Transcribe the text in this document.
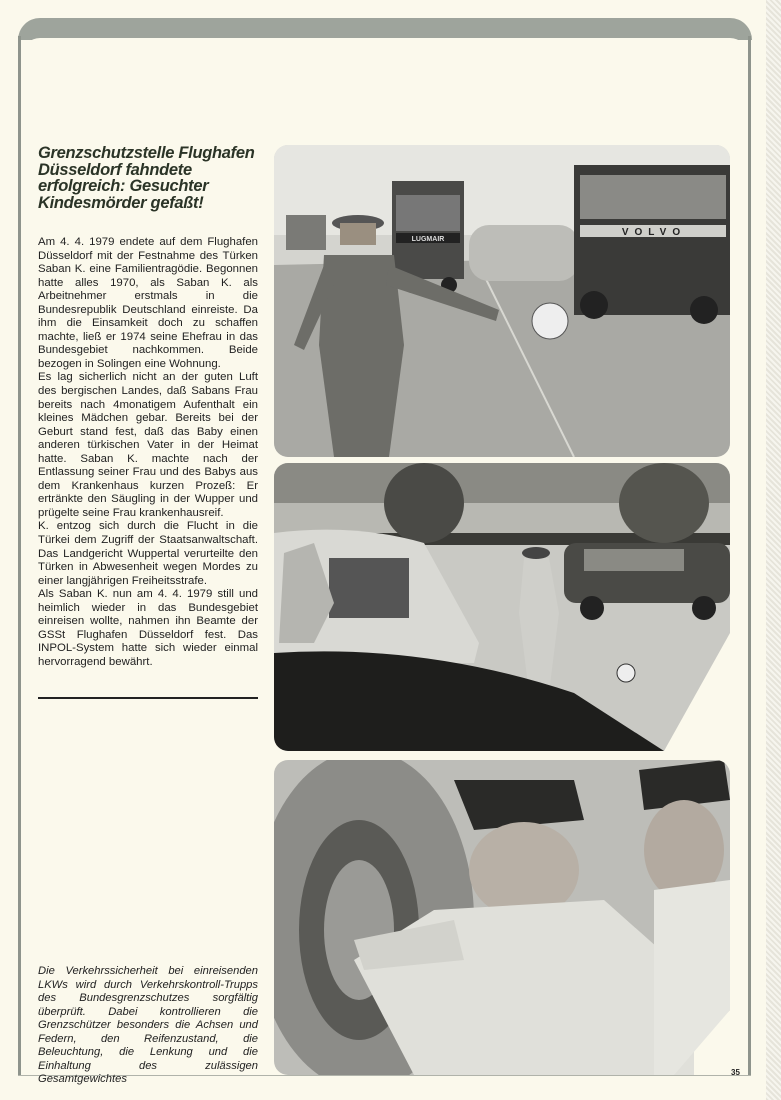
Grenzschutzstelle Flughafen Düsseldorf fahndete erfolgreich: Gesuchter Kindesmörder gefaßt!

Am 4. 4. 1979 endete auf dem Flughafen Düsseldorf mit der Festnahme des Türken Saban K. eine Familientragödie. Begonnen hatte alles 1970, als Saban K. als Arbeitnehmer erstmals in die Bundesrepublik Deutschland einreiste. Da ihm die Einsamkeit doch zu schaffen machte, ließ er 1974 seine Ehefrau in das Bundesgebiet nachkommen. Beide bezogen in Solingen eine Wohnung.

Es lag sicherlich nicht an der guten Luft des bergischen Landes, daß Sabans Frau bereits nach 4monatigem Aufenthalt ein kleines Mädchen gebar. Bereits bei der Geburt stand fest, daß das Baby einen anderen türkischen Vater in der Heimat hatte. Saban K. machte nach der Entlassung seiner Frau und des Babys aus dem Krankenhaus kurzen Prozeß: Er ertränkte den Säugling in der Wupper und prügelte seine Frau krankenhausreif.

K. entzog sich durch die Flucht in die Türkei dem Zugriff der Staatsanwaltschaft. Das Landgericht Wuppertal verurteilte den Türken in Abwesenheit wegen Mordes zu einer langjährigen Freiheitsstrafe.

Als Saban K. nun am 4. 4. 1979 still und heimlich wieder in das Bundesgebiet einreisen wollte, nahmen ihn Beamte der GSSt Flughafen Düsseldorf fest. Das INPOL-System hatte sich wieder einmal hervorragend bewährt.

LUGMAIR
VOLVO
Die Verkehrssicherheit bei einreisenden LKWs wird durch Verkehrskontroll-Trupps des Bundesgrenzschutzes sorgfältig überprüft. Dabei kontrollieren die Grenzschützer besonders die Achsen und Federn, den Reifenzustand, die Beleuchtung, die Lenkung und die Einhaltung des zulässigen Gesamtgewichtes
35
